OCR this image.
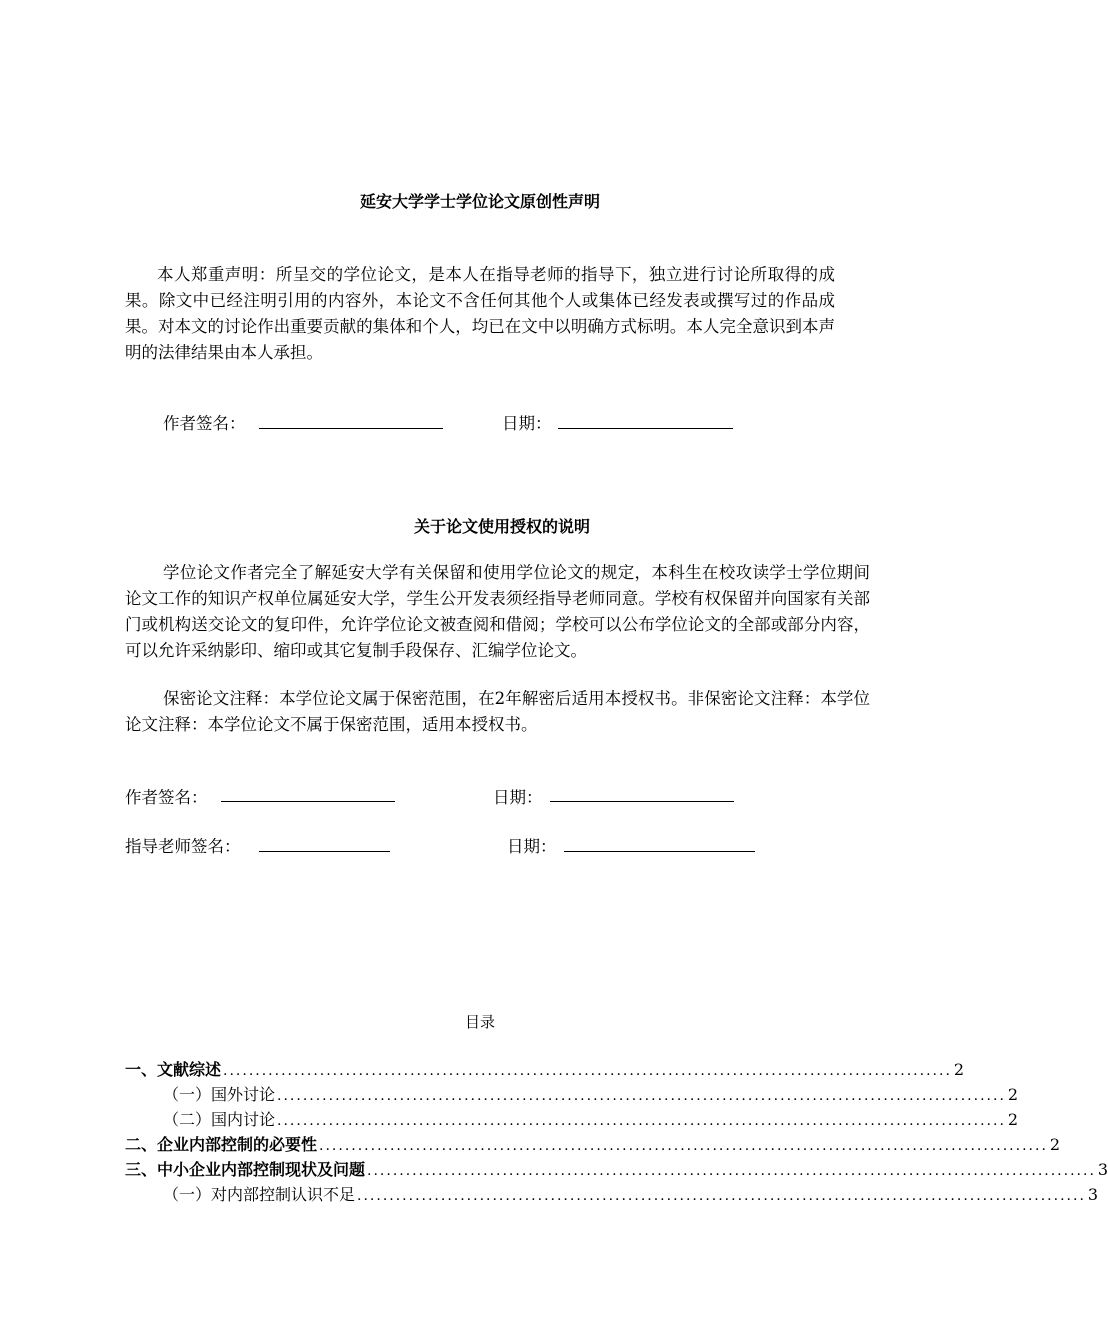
延安大学学士学位论文原创性声明
本人郑重声明：所呈交的学位论文，是本人在指导老师的指导下，独立进行讨论所取得的成果。除文中已经注明引用的内容外，本论文不含任何其他个人或集体已经发表或撰写过的作品成果。对本文的讨论作出重要贡献的集体和个人，均已在文中以明确方式标明。本人完全意识到本声明的法律结果由本人承担。
作者签名：	日期：
关于论文使用授权的说明
学位论文作者完全了解延安大学有关保留和使用学位论文的规定，本科生在校攻读学士学位期间论文工作的知识产权单位属延安大学，学生公开发表须经指导老师同意。学校有权保留并向国家有关部门或机构送交论文的复印件，允许学位论文被查阅和借阅；学校可以公布学位论文的全部或部分内容，可以允许采纳影印、缩印或其它复制手段保存、汇编学位论文。
保密论文注释：本学位论文属于保密范围，在2年解密后适用本授权书。非保密论文注释：本学位论文注释：本学位论文不属于保密范围，适用本授权书。
作者签名：	日期：
指导老师签名：	日期：
目录
一、文献综述 ................................................................................................................. 2
（一）国外讨论 ................................................................................................................. 2
（二）国内讨论 ................................................................................................................. 2
二、企业内部控制的必要性 ................................................................................................................. 2
三、中小企业内部控制现状及问题 ................................................................................................................. 3
（一）对内部控制认识不足 ................................................................................................................. 3
